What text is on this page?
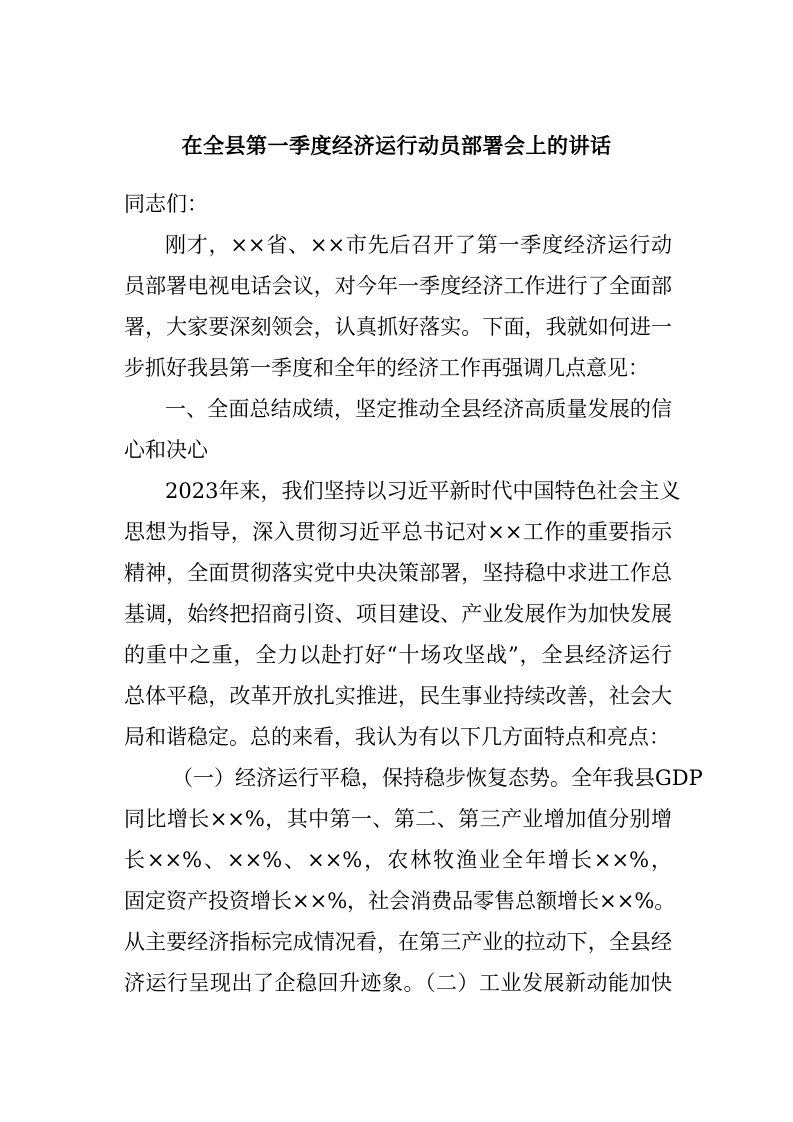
在全县第一季度经济运行动员部署会上的讲话

同志们：

刚才，××省、××市先后召开了第一季度经济运行动

员部署电视电话会议，对今年一季度经济工作进行了全面部

署，大家要深刻领会，认真抓好落实。下面，我就如何进一

步抓好我县第一季度和全年的经济工作再强调几点意见：

一、全面总结成绩，坚定推动全县经济高质量发展的信

心和决心

2023年来，我们坚持以习近平新时代中国特色社会主义

思想为指导，深入贯彻习近平总书记对××工作的重要指示

精神，全面贯彻落实党中央决策部署，坚持稳中求进工作总

基调，始终把招商引资、项目建设、产业发展作为加快发展

的重中之重，全力以赴打好“十场攻坚战”，全县经济运行

总体平稳，改革开放扎实推进，民生事业持续改善，社会大

局和谐稳定。总的来看，我认为有以下几方面特点和亮点：

（一）经济运行平稳，保持稳步恢复态势。全年我县GDP

同比增长××%，其中第一、第二、第三产业增加值分别增

长××%、××%、××%，农林牧渔业全年增长××%，

固定资产投资增长××%，社会消费品零售总额增长××%。

从主要经济指标完成情况看，在第三产业的拉动下，全县经

济运行呈现出了企稳回升迹象。（二）工业发展新动能加快
